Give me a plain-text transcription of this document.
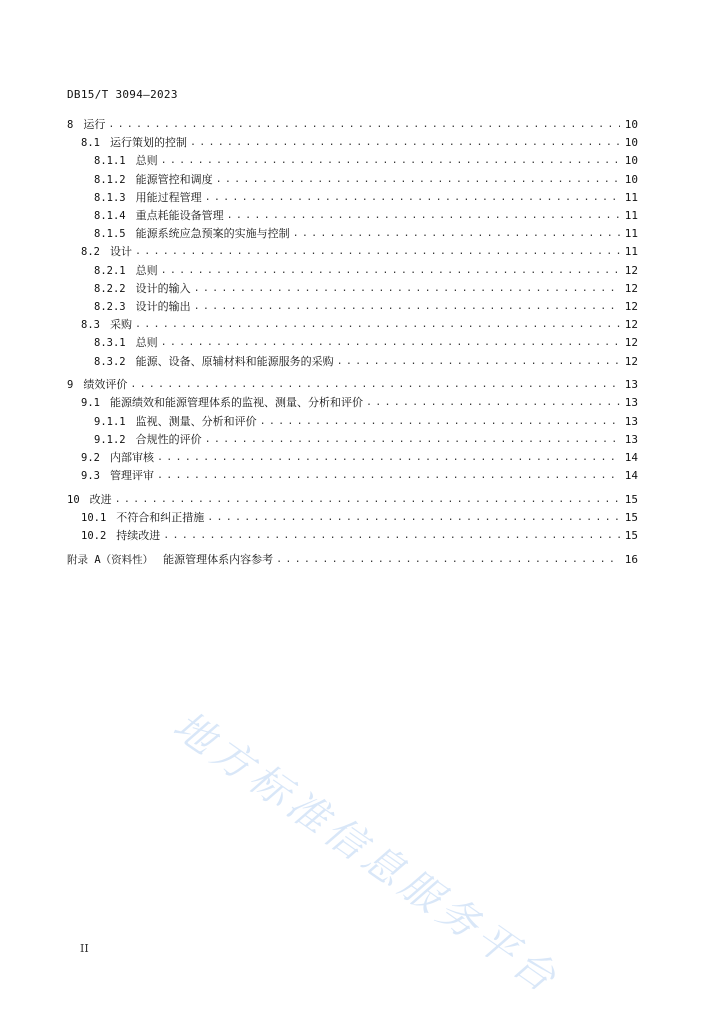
DB15/T 3094—2023
8 运行 . . .	10
8.1 运行策划的控制 . . .	10
8.1.1 总则 . . .	10
8.1.2 能源管控和调度 . . .	10
8.1.3 用能过程管理 . . .	11
8.1.4 重点耗能设备管理 . . .	11
8.1.5 能源系统应急预案的实施与控制 . . .	11
8.2 设计 . . .	11
8.2.1 总则 . . .	12
8.2.2 设计的输入 . . .	12
8.2.3 设计的输出 . . .	12
8.3 采购 . . .	12
8.3.1 总则 . . .	12
8.3.2 能源、设备、原辅材料和能源服务的采购 . . .	12
9 绩效评价 . . .	13
9.1 能源绩效和能源管理体系的监视、测量、分析和评价 . . .	13
9.1.1 监视、测量、分析和评价 . . .	13
9.1.2 合规性的评价 . . .	13
9.2 内部审核 . . .	14
9.3 管理评审 . . .	14
10 改进 . . .	15
10.1 不符合和纠正措施 . . .	15
10.2 持续改进 . . .	15
附录 A（资料性） 能源管理体系内容参考 . . .	16
地方标准信息服务平台
II
